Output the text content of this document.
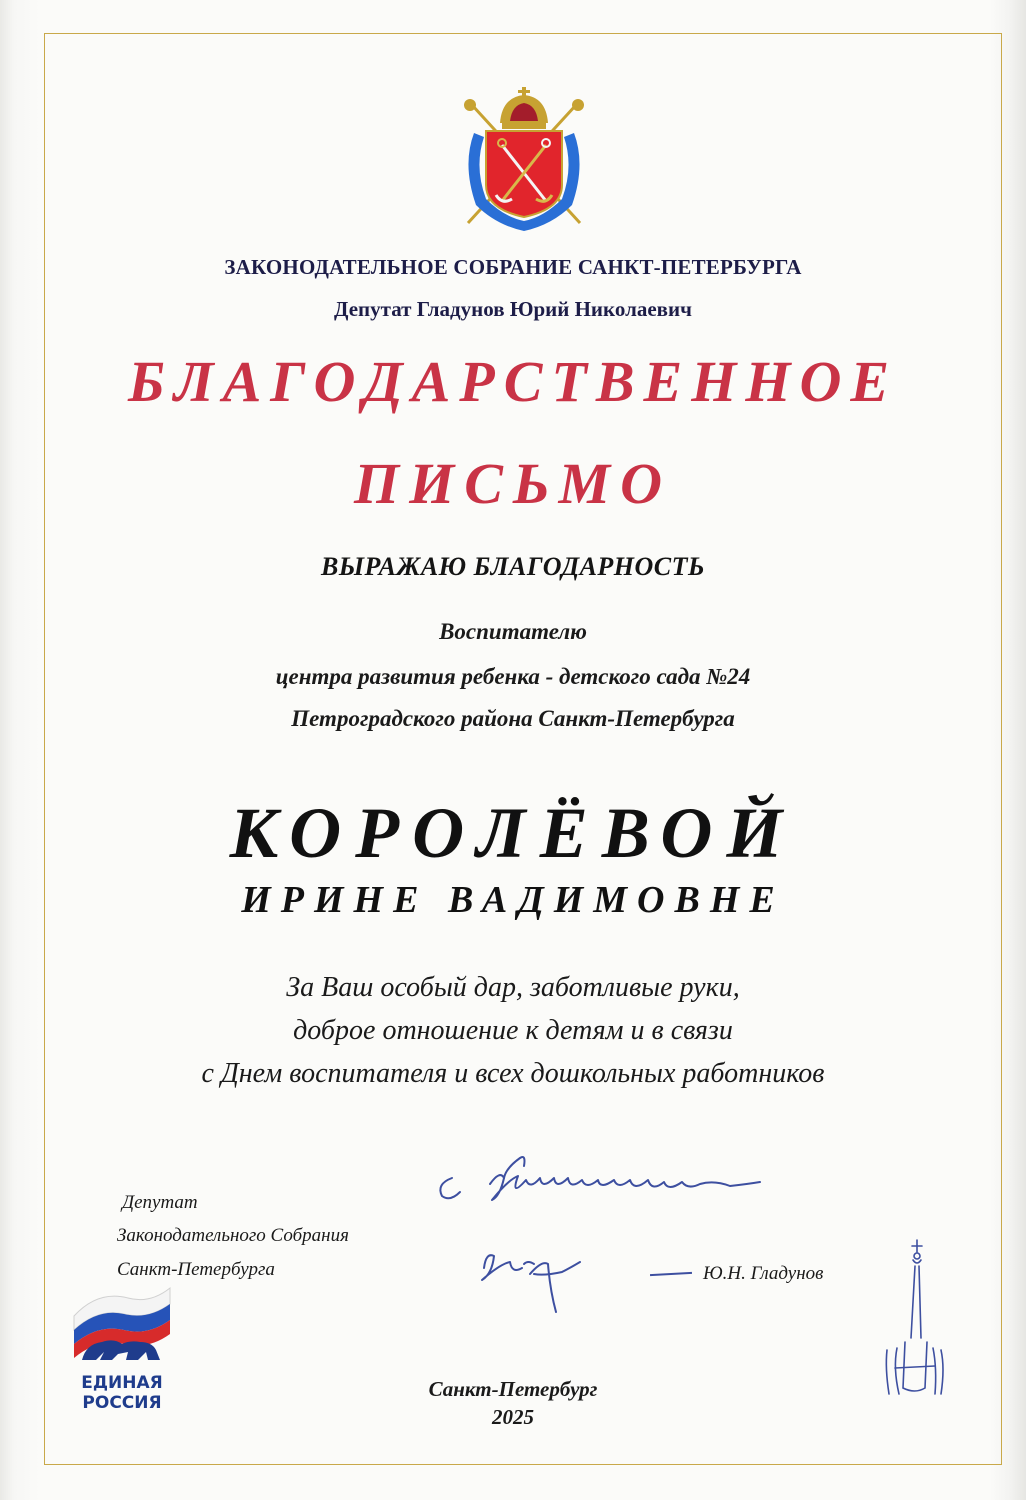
ЗАКОНОДАТЕЛЬНОЕ СОБРАНИЕ САНКТ-ПЕТЕРБУРГА
Депутат Гладунов Юрий Николаевич
БЛАГОДАРСТВЕННОЕ
ПИСЬМО
ВЫРАЖАЮ БЛАГОДАРНОСТЬ
Воспитателю
центра развития ребенка - детского сада №24
Петроградского района Санкт-Петербурга
КОРОЛЁВОЙ
ИРИНЕ ВАДИМОВНЕ
За Ваш особый дар, заботливые руки,
доброе отношение к детям и в связи
с Днем воспитателя и всех дошкольных работников
Депутат
Законодательного Собрания
Санкт-Петербурга	Ю.Н. Гладунов
ЕДИНАЯ
РОССИЯ
Санкт-Петербург
2025
